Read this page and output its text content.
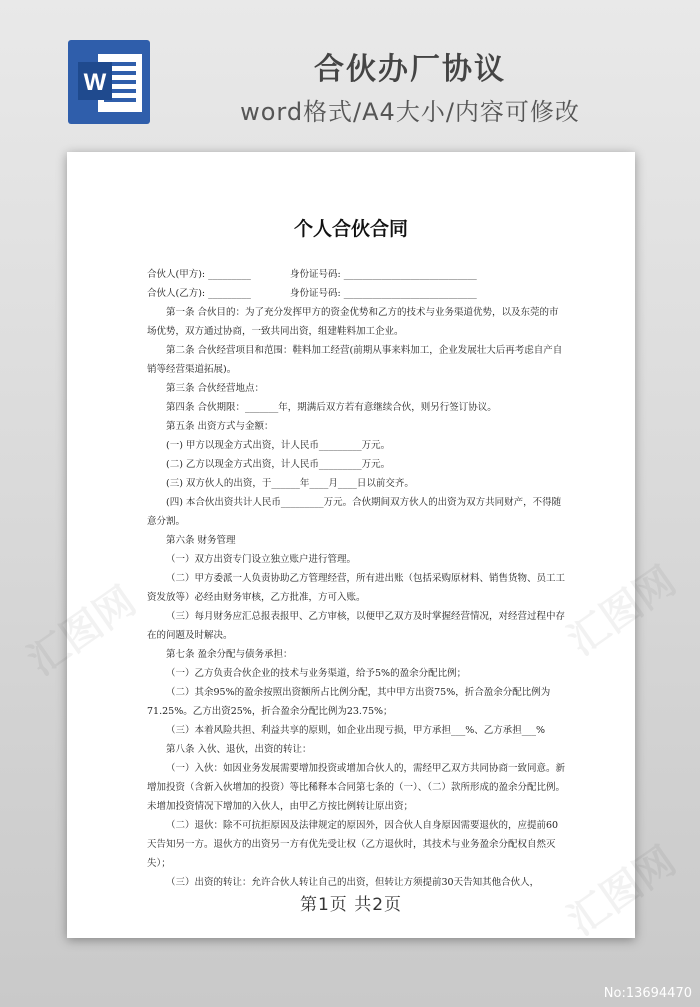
W	合伙办厂协议
word格式/A4大小/内容可修改
个人合伙合同
合伙人(甲方): _________	身份证号码: ____________________________
合伙人(乙方): _________	身份证号码: ____________________________

第一条 合伙目的：为了充分发挥甲方的资金优势和乙方的技术与业务渠道优势，以及东莞的市场优势，双方通过协商，一致共同出资，组建鞋料加工企业。

第二条 合伙经营项目和范围：鞋料加工经营(前期从事来料加工，企业发展壮大后再考虑自产自销等经营渠道拓展)。

第三条 合伙经营地点：

第四条 合伙期限：_______年，期满后双方若有意继续合伙，则另行签订协议。

第五条 出资方式与金额：

(一) 甲方以现金方式出资，计人民币_________万元。

(二) 乙方以现金方式出资，计人民币_________万元。

(三) 双方伙人的出资，于______年____月____日以前交齐。

(四) 本合伙出资共计人民币_________万元。合伙期间双方伙人的出资为双方共同财产，不得随意分割。

第六条 财务管理

（一）双方出资专门设立独立账户进行管理。

（二）甲方委派一人负责协助乙方管理经营，所有进出账（包括采购原材料、销售货物、员工工资发放等）必经由财务审核，乙方批准，方可入账。

（三）每月财务应汇总报表报甲、乙方审核，以便甲乙双方及时掌握经营情况，对经营过程中存在的问题及时解决。

第七条 盈余分配与债务承担：

（一）乙方负责合伙企业的技术与业务渠道，给予5%的盈余分配比例；

（二）其余95%的盈余按照出资额所占比例分配，其中甲方出资75%，折合盈余分配比例为71.25%。乙方出资25%，折合盈余分配比例为23.75%；

（三）本着风险共担、利益共享的原则，如企业出现亏损，甲方承担___%、乙方承担___%

第八条 入伙、退伙，出资的转让：

（一）入伙：如因业务发展需要增加投资或增加合伙人的，需经甲乙双方共同协商一致同意。新增加投资（含新入伙增加的投资）等比稀释本合同第七条的（一）、（二）款所形成的盈余分配比例。未增加投资情况下增加的入伙人，由甲乙方按比例转让原出资；

（二）退伙：除不可抗拒原因及法律规定的原因外，因合伙人自身原因需要退伙的，应提前60天告知另一方。退伙方的出资另一方有优先受让权（乙方退伙时，其技术与业务盈余分配权自然灭失）；

（三）出资的转让：允许合伙人转让自己的出资，但转让方须提前30天告知其他合伙人，

第1页 共2页
No:13694470
